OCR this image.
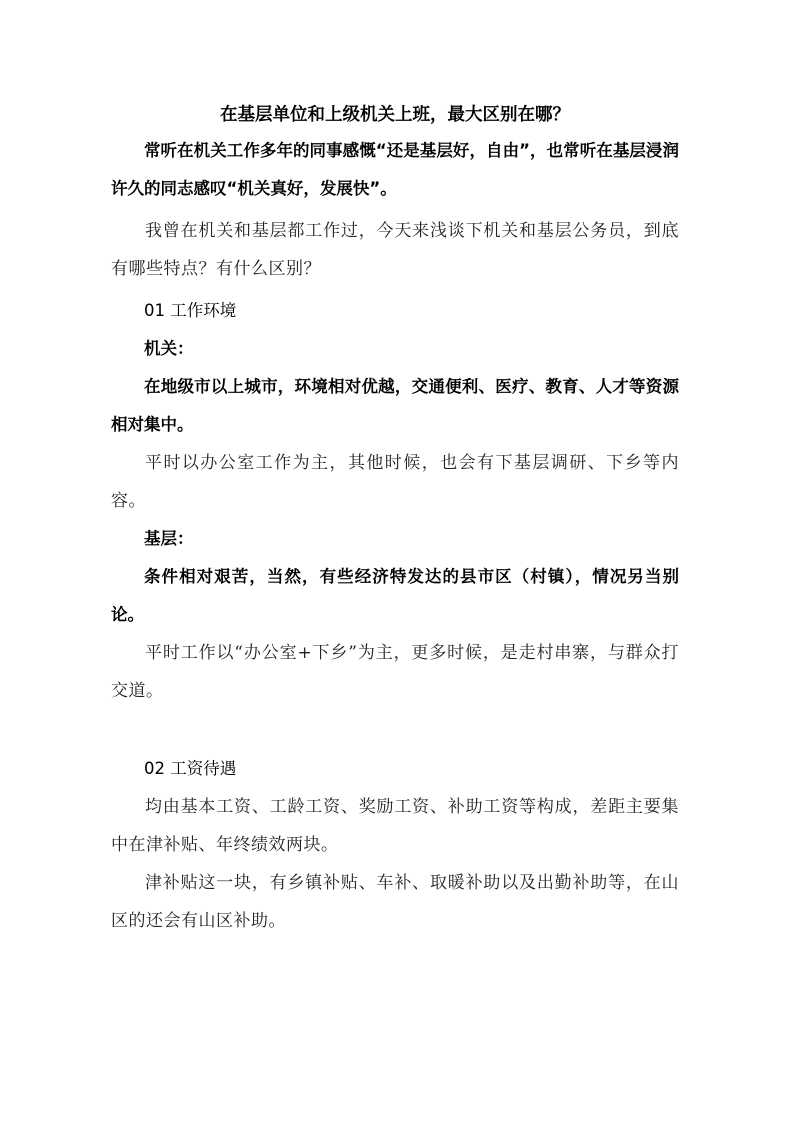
在基层单位和上级机关上班，最大区别在哪？

常听在机关工作多年的同事感慨“还是基层好，自由”，也常听在基层浸润许久的同志感叹“机关真好，发展快”。

我曾在机关和基层都工作过，今天来浅谈下机关和基层公务员，到底有哪些特点？有什么区别？

01 工作环境

机关：

在地级市以上城市，环境相对优越，交通便利、医疗、教育、人才等资源相对集中。

平时以办公室工作为主，其他时候，也会有下基层调研、下乡等内容。

基层：

条件相对艰苦，当然，有些经济特发达的县市区（村镇），情况另当别论。

平时工作以“办公室+下乡”为主，更多时候，是走村串寨，与群众打交道。

02 工资待遇

均由基本工资、工龄工资、奖励工资、补助工资等构成，差距主要集中在津补贴、年终绩效两块。

津补贴这一块，有乡镇补贴、车补、取暖补助以及出勤补助等，在山区的还会有山区补助。
